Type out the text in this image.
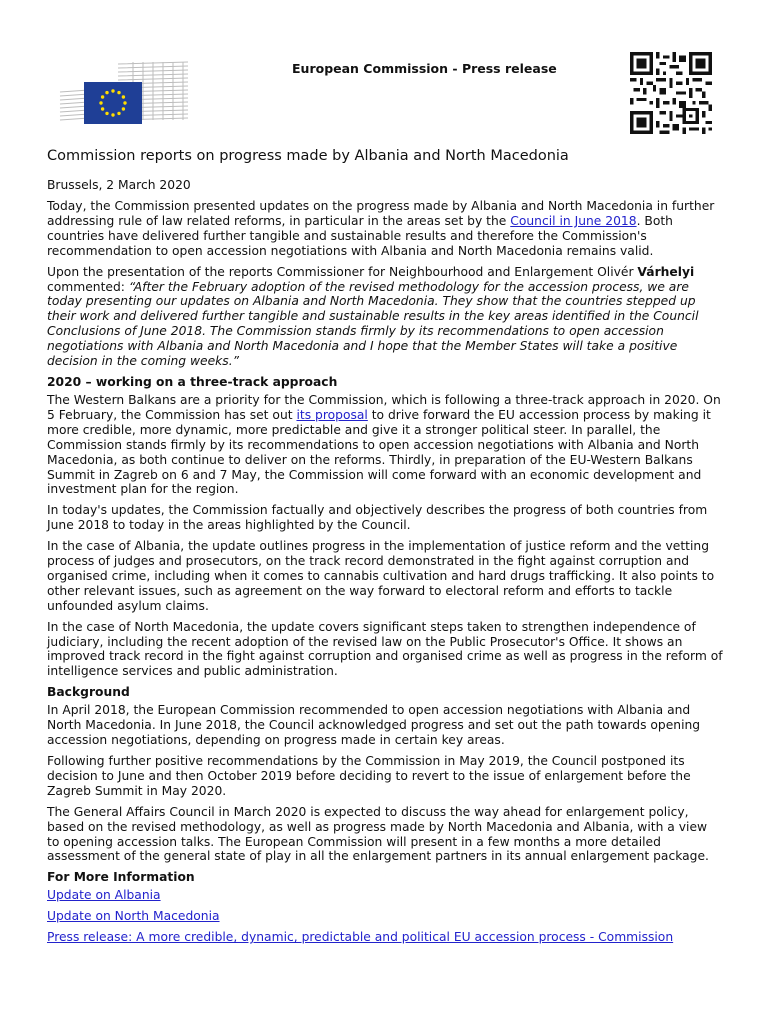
European Commission - Press release
Commission reports on progress made by Albania and North Macedonia
Brussels, 2 March 2020

Today, the Commission presented updates on the progress made by Albania and North Macedonia in further addressing rule of law related reforms, in particular in the areas set by the Council in June 2018. Both countries have delivered further tangible and sustainable results and therefore the Commission's recommendation to open accession negotiations with Albania and North Macedonia remains valid.

Upon the presentation of the reports Commissioner for Neighbourhood and Enlargement Olivér Várhelyi commented: “After the February adoption of the revised methodology for the accession process, we are today presenting our updates on Albania and North Macedonia. They show that the countries stepped up their work and delivered further tangible and sustainable results in the key areas identified in the Council Conclusions of June 2018. The Commission stands firmly by its recommendations to open accession negotiations with Albania and North Macedonia and I hope that the Member States will take a positive decision in the coming weeks.”

2020 – working on a three-track approach

The Western Balkans are a priority for the Commission, which is following a three-track approach in 2020. On 5 February, the Commission has set out its proposal to drive forward the EU accession process by making it more credible, more dynamic, more predictable and give it a stronger political steer. In parallel, the Commission stands firmly by its recommendations to open accession negotiations with Albania and North Macedonia, as both continue to deliver on the reforms. Thirdly, in preparation of the EU-Western Balkans Summit in Zagreb on 6 and 7 May, the Commission will come forward with an economic development and investment plan for the region.

In today's updates, the Commission factually and objectively describes the progress of both countries from June 2018 to today in the areas highlighted by the Council.

In the case of Albania, the update outlines progress in the implementation of justice reform and the vetting process of judges and prosecutors, on the track record demonstrated in the fight against corruption and organised crime, including when it comes to cannabis cultivation and hard drugs trafficking. It also points to other relevant issues, such as agreement on the way forward to electoral reform and efforts to tackle unfounded asylum claims.

In the case of North Macedonia, the update covers significant steps taken to strengthen independence of judiciary, including the recent adoption of the revised law on the Public Prosecutor's Office. It shows an improved track record in the fight against corruption and organised crime as well as progress in the reform of intelligence services and public administration.

Background

In April 2018, the European Commission recommended to open accession negotiations with Albania and North Macedonia. In June 2018, the Council acknowledged progress and set out the path towards opening accession negotiations, depending on progress made in certain key areas.

Following further positive recommendations by the Commission in May 2019, the Council postponed its decision to June and then October 2019 before deciding to revert to the issue of enlargement before the Zagreb Summit in May 2020.

The General Affairs Council in March 2020 is expected to discuss the way ahead for enlargement policy, based on the revised methodology, as well as progress made by North Macedonia and Albania, with a view to opening accession talks. The European Commission will present in a few months a more detailed assessment of the general state of play in all the enlargement partners in its annual enlargement package.

For More Information

Update on Albania

Update on North Macedonia

Press release: A more credible, dynamic, predictable and political EU accession process - Commission
